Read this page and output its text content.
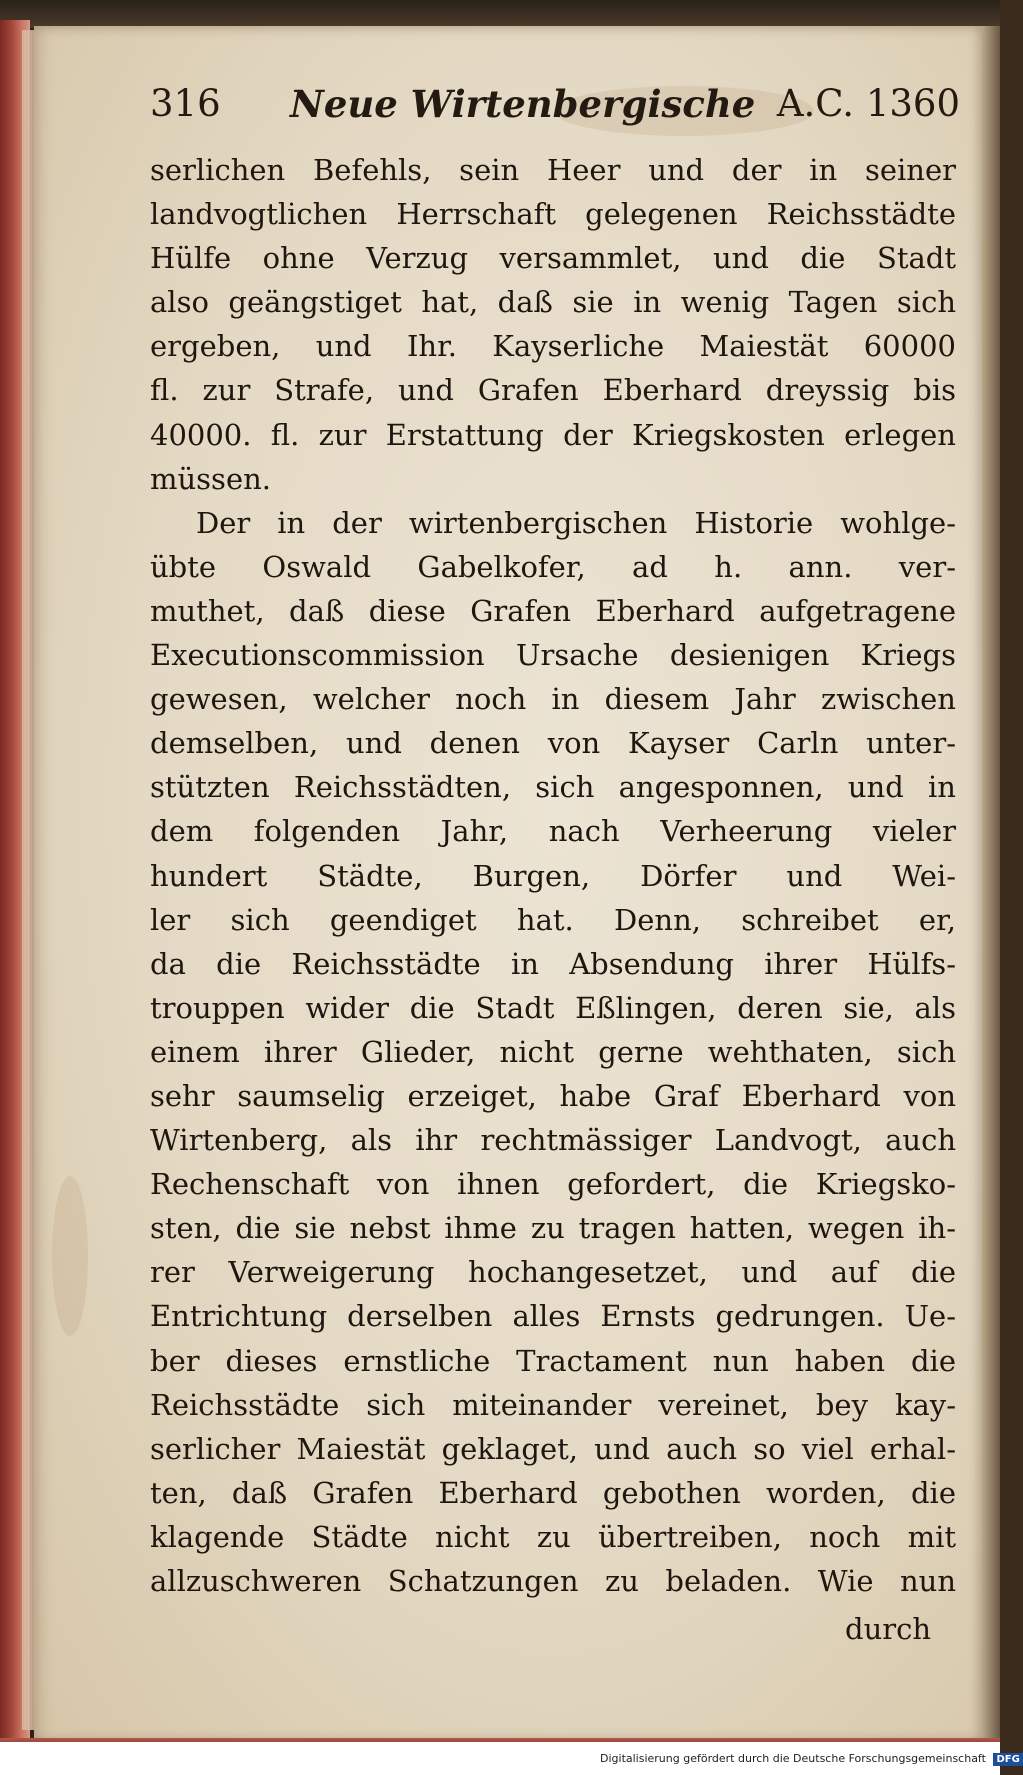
316 Neue Wirtenbergische A.C. 1360
serlichen Befehls, sein Heer und der in seiner
landvogtlichen Herrschaft gelegenen Reichsstädte
Hülfe ohne Verzug versammlet, und die Stadt
also geängstiget hat, daß sie in wenig Tagen sich
ergeben, und Ihr. Kayserliche Maiestät 60000
fl. zur Strafe, und Grafen Eberhard dreyssig bis
40000. fl. zur Erstattung der Kriegskosten erlegen
müssen.
Der in der wirtenbergischen Historie wohlge-
übte Oswald Gabelkofer, ad h. ann. ver-
muthet, daß diese Grafen Eberhard aufgetragene
Executionscommission Ursache desienigen Kriegs
gewesen, welcher noch in diesem Jahr zwischen
demselben, und denen von Kayser Carln unter-
stützten Reichsstädten, sich angesponnen, und in
dem folgenden Jahr, nach Verheerung vieler
hundert Städte, Burgen, Dörfer und Wei-
ler sich geendiget hat. Denn, schreibet er,
da die Reichsstädte in Absendung ihrer Hülfs-
trouppen wider die Stadt Eßlingen, deren sie, als
einem ihrer Glieder, nicht gerne wehthaten, sich
sehr saumselig erzeiget, habe Graf Eberhard von
Wirtenberg, als ihr rechtmässiger Landvogt, auch
Rechenschaft von ihnen gefordert, die Kriegsko-
sten, die sie nebst ihme zu tragen hatten, wegen ih-
rer Verweigerung hochangesetzet, und auf die
Entrichtung derselben alles Ernsts gedrungen. Ue-
ber dieses ernstliche Tractament nun haben die
Reichsstädte sich miteinander vereinet, bey kay-
serlicher Maiestät geklaget, und auch so viel erhal-
ten, daß Grafen Eberhard gebothen worden, die
klagende Städte nicht zu übertreiben, noch mit
allzuschweren Schatzungen zu beladen. Wie nun
durch
Digitalisierung gefördert durch die Deutsche Forschungsgemeinschaft DFG
